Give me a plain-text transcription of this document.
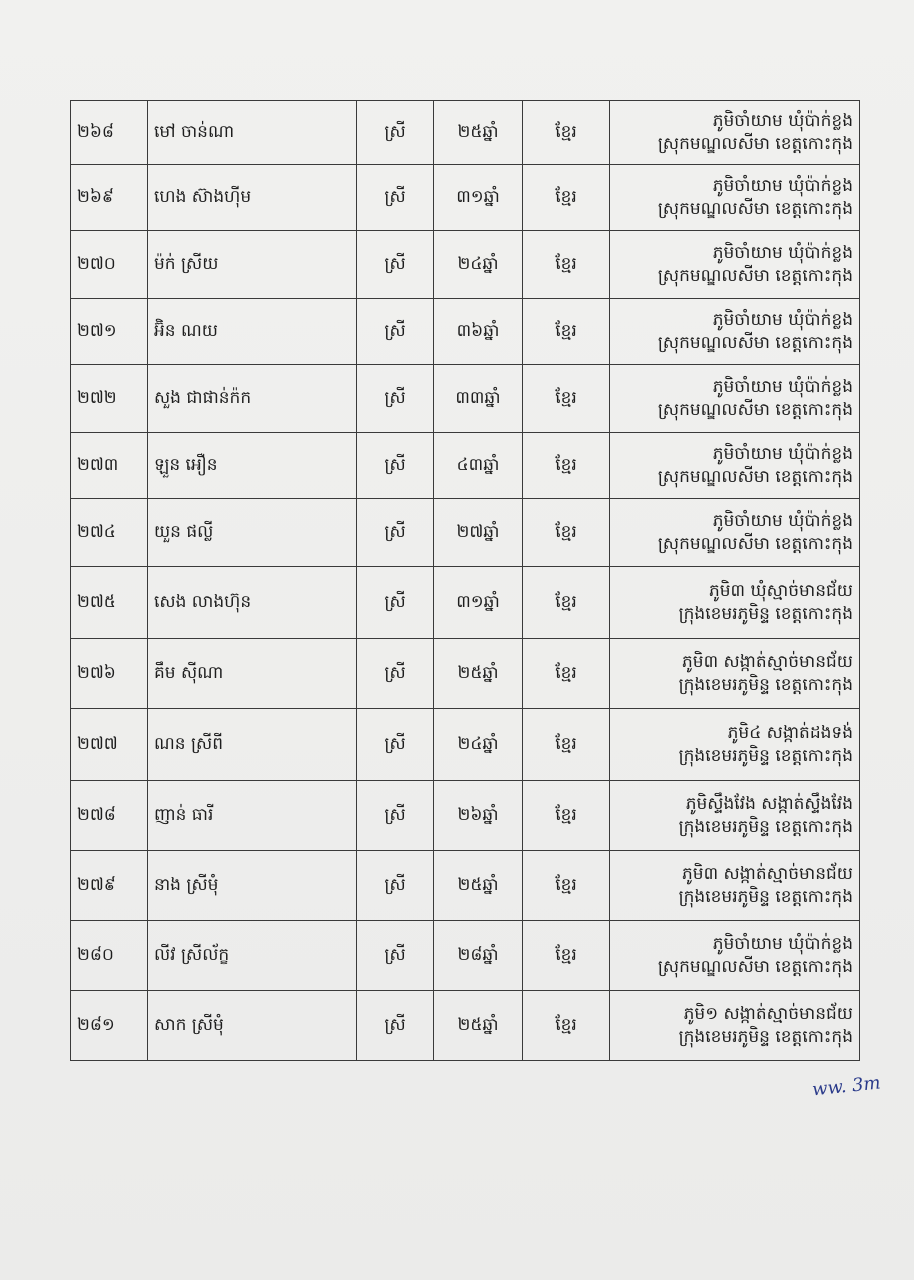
២៦៨	មៅ ចាន់ណា	ស្រី	២៥ឆ្នាំ	ខ្មែរ	ភូមិចាំយាម ឃុំប៉ាក់ខ្លង
ស្រុកមណ្ឌលសីមា ខេត្តកោះកុង

២៦៩	ហេង ស៊ាងហ៊ីម	ស្រី	៣១ឆ្នាំ	ខ្មែរ	ភូមិចាំយាម ឃុំប៉ាក់ខ្លង
ស្រុកមណ្ឌលសីមា ខេត្តកោះកុង

២៧០	ម៉ក់ ស្រីយ	ស្រី	២៤ឆ្នាំ	ខ្មែរ	ភូមិចាំយាម ឃុំប៉ាក់ខ្លង
ស្រុកមណ្ឌលសីមា ខេត្តកោះកុង

២៧១	អ៊ិន ណយ	ស្រី	៣៦ឆ្នាំ	ខ្មែរ	ភូមិចាំយាម ឃុំប៉ាក់ខ្លង
ស្រុកមណ្ឌលសីមា ខេត្តកោះកុង

២៧២	សួង ជាផាន់ក៉ក	ស្រី	៣៣ឆ្នាំ	ខ្មែរ	ភូមិចាំយាម ឃុំប៉ាក់ខ្លង
ស្រុកមណ្ឌលសីមា ខេត្តកោះកុង

២៧៣	ឡួន អឿន	ស្រី	៤៣ឆ្នាំ	ខ្មែរ	ភូមិចាំយាម ឃុំប៉ាក់ខ្លង
ស្រុកមណ្ឌលសីមា ខេត្តកោះកុង

២៧៤	យួន ផល្លី	ស្រី	២៧ឆ្នាំ	ខ្មែរ	ភូមិចាំយាម ឃុំប៉ាក់ខ្លង
ស្រុកមណ្ឌលសីមា ខេត្តកោះកុង

២៧៥	សេង លាងហ៊ុន	ស្រី	៣១ឆ្នាំ	ខ្មែរ	ភូមិ៣ ឃុំស្មាច់មានជ័យ
ក្រុងខេមរភូមិន្ទ ខេត្តកោះកុង

២៧៦	គឹម ស៊ីណា	ស្រី	២៥ឆ្នាំ	ខ្មែរ	ភូមិ៣ សង្កាត់ស្មាច់មានជ័យ
ក្រុងខេមរភូមិន្ទ ខេត្តកោះកុង

២៧៧	ណន ស្រីពី	ស្រី	២៤ឆ្នាំ	ខ្មែរ	ភូមិ៤ សង្កាត់ដងទង់
ក្រុងខេមរភូមិន្ទ ខេត្តកោះកុង

២៧៨	ញាន់ ធារី	ស្រី	២៦ឆ្នាំ	ខ្មែរ	ភូមិស្ទឹងវែង សង្កាត់ស្ទឹងវែង
ក្រុងខេមរភូមិន្ទ ខេត្តកោះកុង

២៧៩	នាង ស្រីមុំ	ស្រី	២៥ឆ្នាំ	ខ្មែរ	ភូមិ៣ សង្កាត់ស្មាច់មានជ័យ
ក្រុងខេមរភូមិន្ទ ខេត្តកោះកុង

២៨០	លីវ ស្រីល័ក្ខ	ស្រី	២៨ឆ្នាំ	ខ្មែរ	ភូមិចាំយាម ឃុំប៉ាក់ខ្លង
ស្រុកមណ្ឌលសីមា ខេត្តកោះកុង

២៨១	សាក ស្រីមុំ	ស្រី	២៥ឆ្នាំ	ខ្មែរ	ភូមិ១ សង្កាត់ស្មាច់មានជ័យ
ក្រុងខេមរភូមិន្ទ ខេត្តកោះកុង
ww. 3m
